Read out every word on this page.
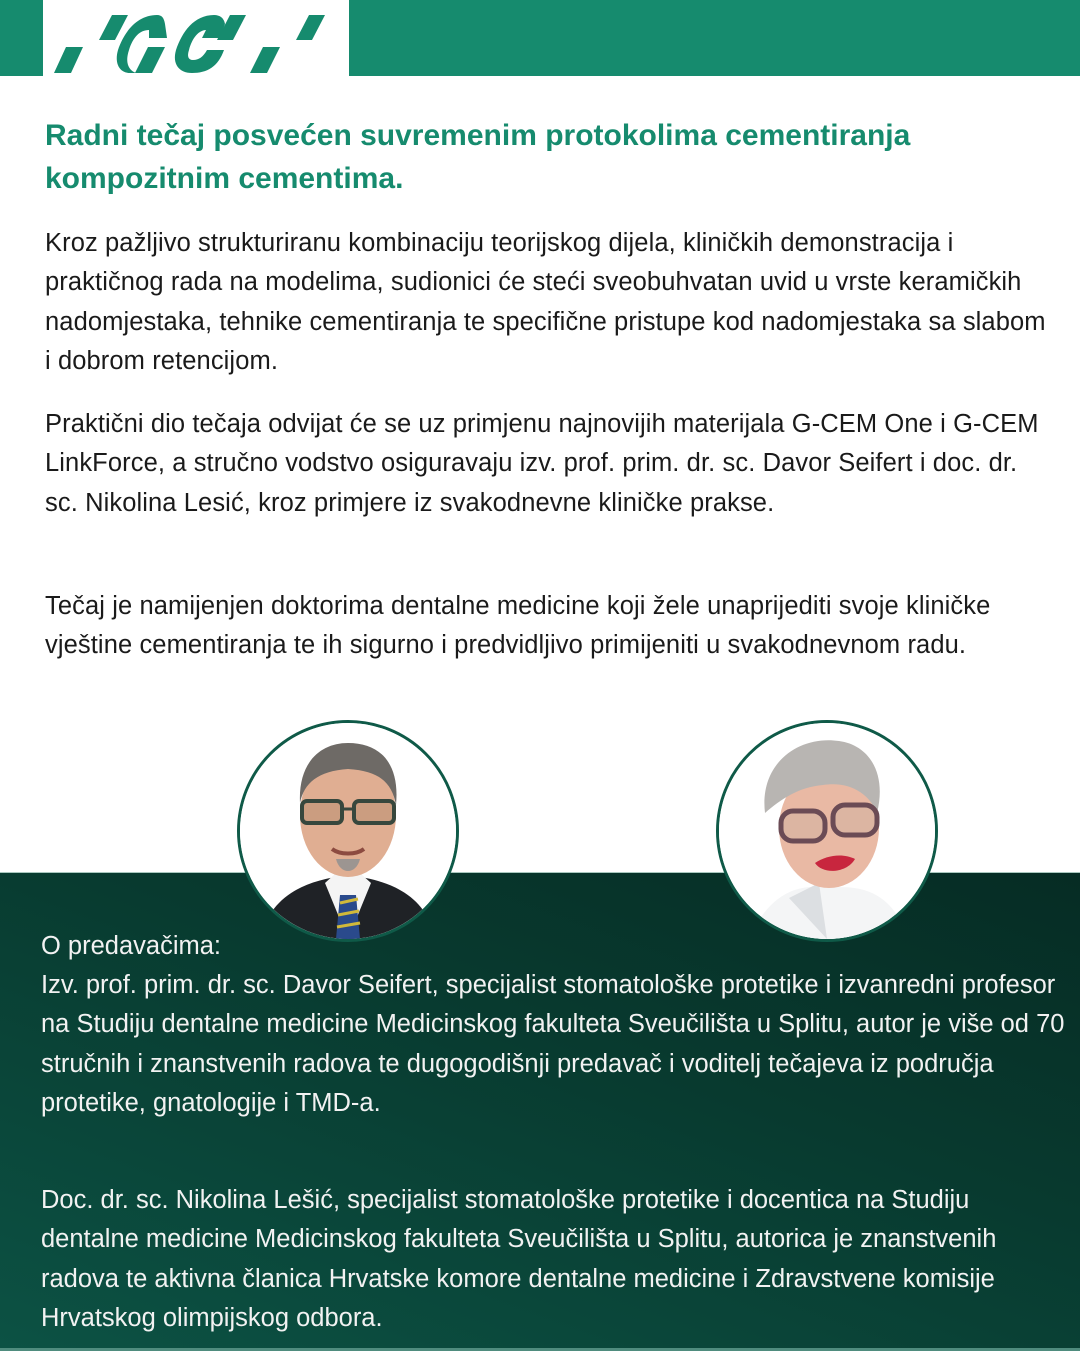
Radni tečaj posvećen suvremenim protokolima cementiranja kompozitnim cementima.

Kroz pažljivo strukturiranu kombinaciju teorijskog dijela, kliničkih demonstracija i praktičnog rada na modelima, sudionici će steći sveobuhvatan uvid u vrste keramičkih nadomjestaka, tehnike cementiranja te specifične pristupe kod nadomjestaka sa slabom i dobrom retencijom.

Praktični dio tečaja odvijat će se uz primjenu najnovijih materijala G-CEM One i G-CEM LinkForce, a stručno vodstvo osiguravaju izv. prof. prim. dr. sc. Davor Seifert i doc. dr. sc. Nikolina Lesić, kroz primjere iz svakodnevne kliničke prakse.

Tečaj je namijenjen doktorima dentalne medicine koji žele unaprijediti svoje kliničke vještine cementiranja te ih sigurno i predvidljivo primijeniti u svakodnevnom radu.

O predavačima:

Izv. prof. prim. dr. sc. Davor Seifert, specijalist stomatološke protetike i izvanredni profesor na Studiju dentalne medicine Medicinskog fakulteta Sveučilišta u Splitu, autor je više od 70 stručnih i znanstvenih radova te dugogodišnji predavač i voditelj tečajeva iz područja protetike, gnatologije i TMD-a.

Doc. dr. sc. Nikolina Lešić, specijalist stomatološke protetike i docentica na Studiju dentalne medicine Medicinskog fakulteta Sveučilišta u Splitu, autorica je znanstvenih radova te aktivna članica Hrvatske komore dentalne medicine i Zdravstvene komisije Hrvatskog olimpijskog odbora.
